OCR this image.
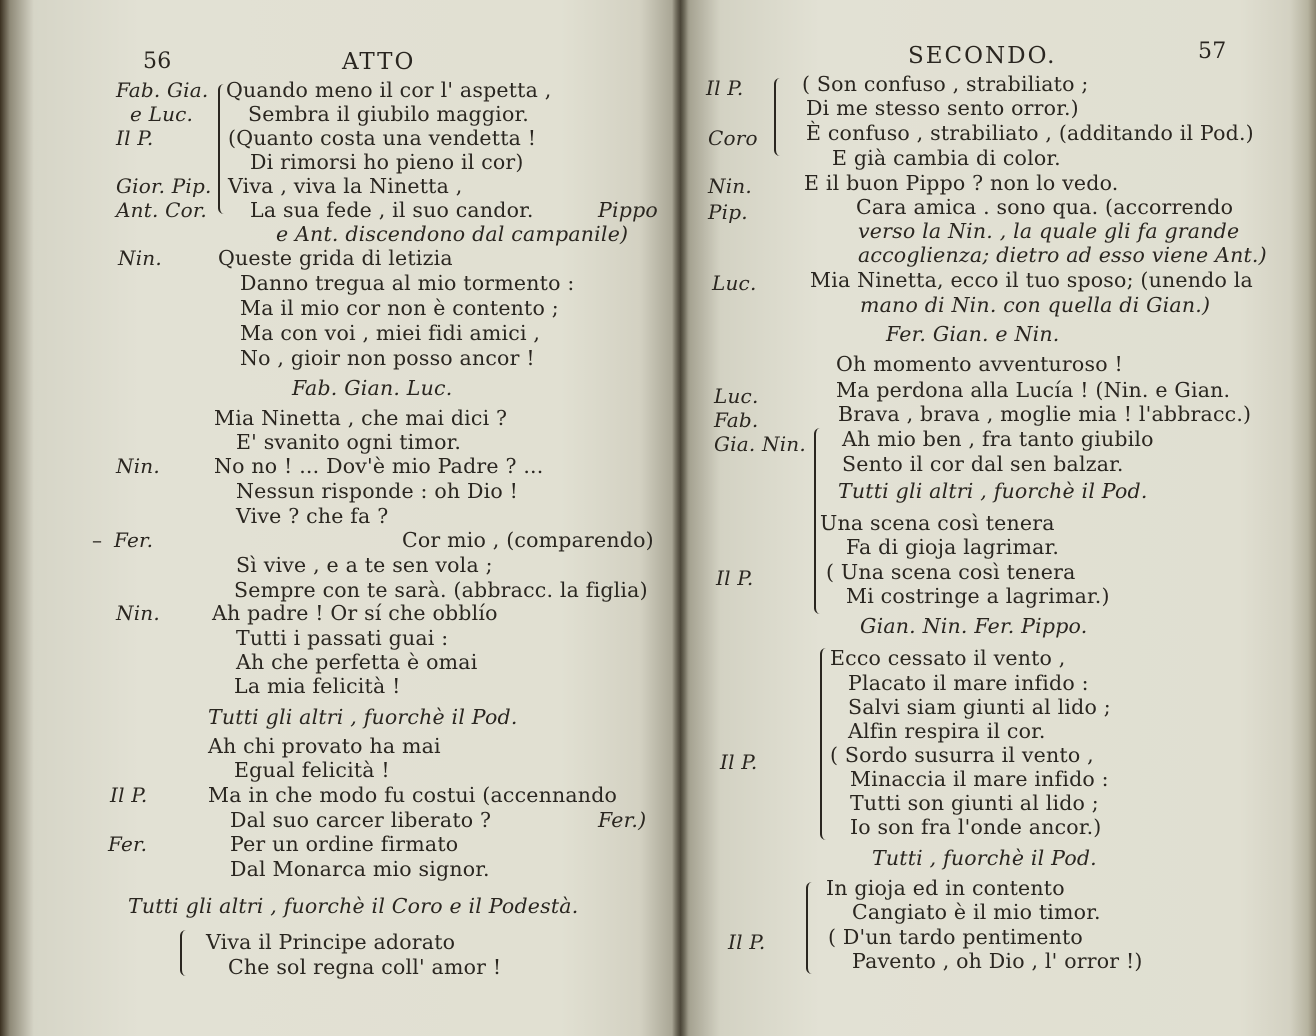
56	ATTO
Fab. Gia. Quando meno il cor l' aspetta ,
e Luc.	Sembra il giubilo maggior.
Il P.	(Quanto costa una vendetta !
Di rimorsi ho pieno il cor)
Gior. Pip. Viva , viva la Ninetta ,
Ant. Cor. La sua fede , il suo candor.	Pippo
e Ant. discendono dal campanile)
Nin.	Queste grida di letizia
Danno tregua al mio tormento :
Ma il mio cor non è contento ;
Ma con voi , miei fidi amici ,
No , gioir non posso ancor !
Fab. Gian. Luc.
Mia Ninetta , che mai dici ?
E' svanito ogni timor.
Nin.	No no ! ... Dov'è mio Padre ? ...
Nessun risponde : oh Dio !
Vive ? che fa ?
– Fer.	Cor mio , (comparendo)
Sì vive , e a te sen vola ;
Sempre con te sarà. (abbracc. la figlia)
Nin.	Ah padre ! Or sí che obblío
Tutti i passati guai :
Ah che perfetta è omai
La mia felicità !
Tutti gli altri , fuorchè il Pod.
Ah chi provato ha mai
Egual felicità !
Il P.	Ma in che modo fu costui (accennando
Dal suo carcer liberato ?	Fer.)
Fer.	Per un ordine firmato
Dal Monarca mio signor.
Tutti gli altri , fuorchè il Coro e il Podestà.
Viva il Principe adorato
Che sol regna coll' amor !
SECONDO.	57
Il P.	( Son confuso , strabiliato ;
Di me stesso sento orror.)
Coro È confuso , strabiliato , (additando il Pod.)
E già cambia di color.
Nin.	E il buon Pippo ? non lo vedo.
Pip.	Cara amica . sono qua. (accorrendo
verso la Nin. , la quale gli fa grande
accoglienza; dietro ad esso viene Ant.)
Luc.	Mia Ninetta, ecco il tuo sposo; (unendo la
mano di Nin. con quella di Gian.)
Fer. Gian. e Nin.
Oh momento avventuroso !
Luc.	Ma perdona alla Lucía ! (Nin. e Gian.
Fab.	Brava , brava , moglie mia ! l'abbracc.)
Gia. Nin. Ah mio ben , fra tanto giubilo
Sento il cor dal sen balzar.
Tutti gli altri , fuorchè il Pod.
Una scena così tenera
Fa di gioja lagrimar.
Il P.	( Una scena così tenera
Mi costringe a lagrimar.)
Gian. Nin. Fer. Pippo.
Ecco cessato il vento ,
Placato il mare infido :
Salvi siam giunti al lido ;
Alfin respira il cor.
Il P.	( Sordo susurra il vento ,
Minaccia il mare infido :
Tutti son giunti al lido ;
Io son fra l'onde ancor.)
Tutti , fuorchè il Pod.
In gioja ed in contento
Cangiato è il mio timor.
Il P.	( D'un tardo pentimento
Pavento , oh Dio , l' orror !)
